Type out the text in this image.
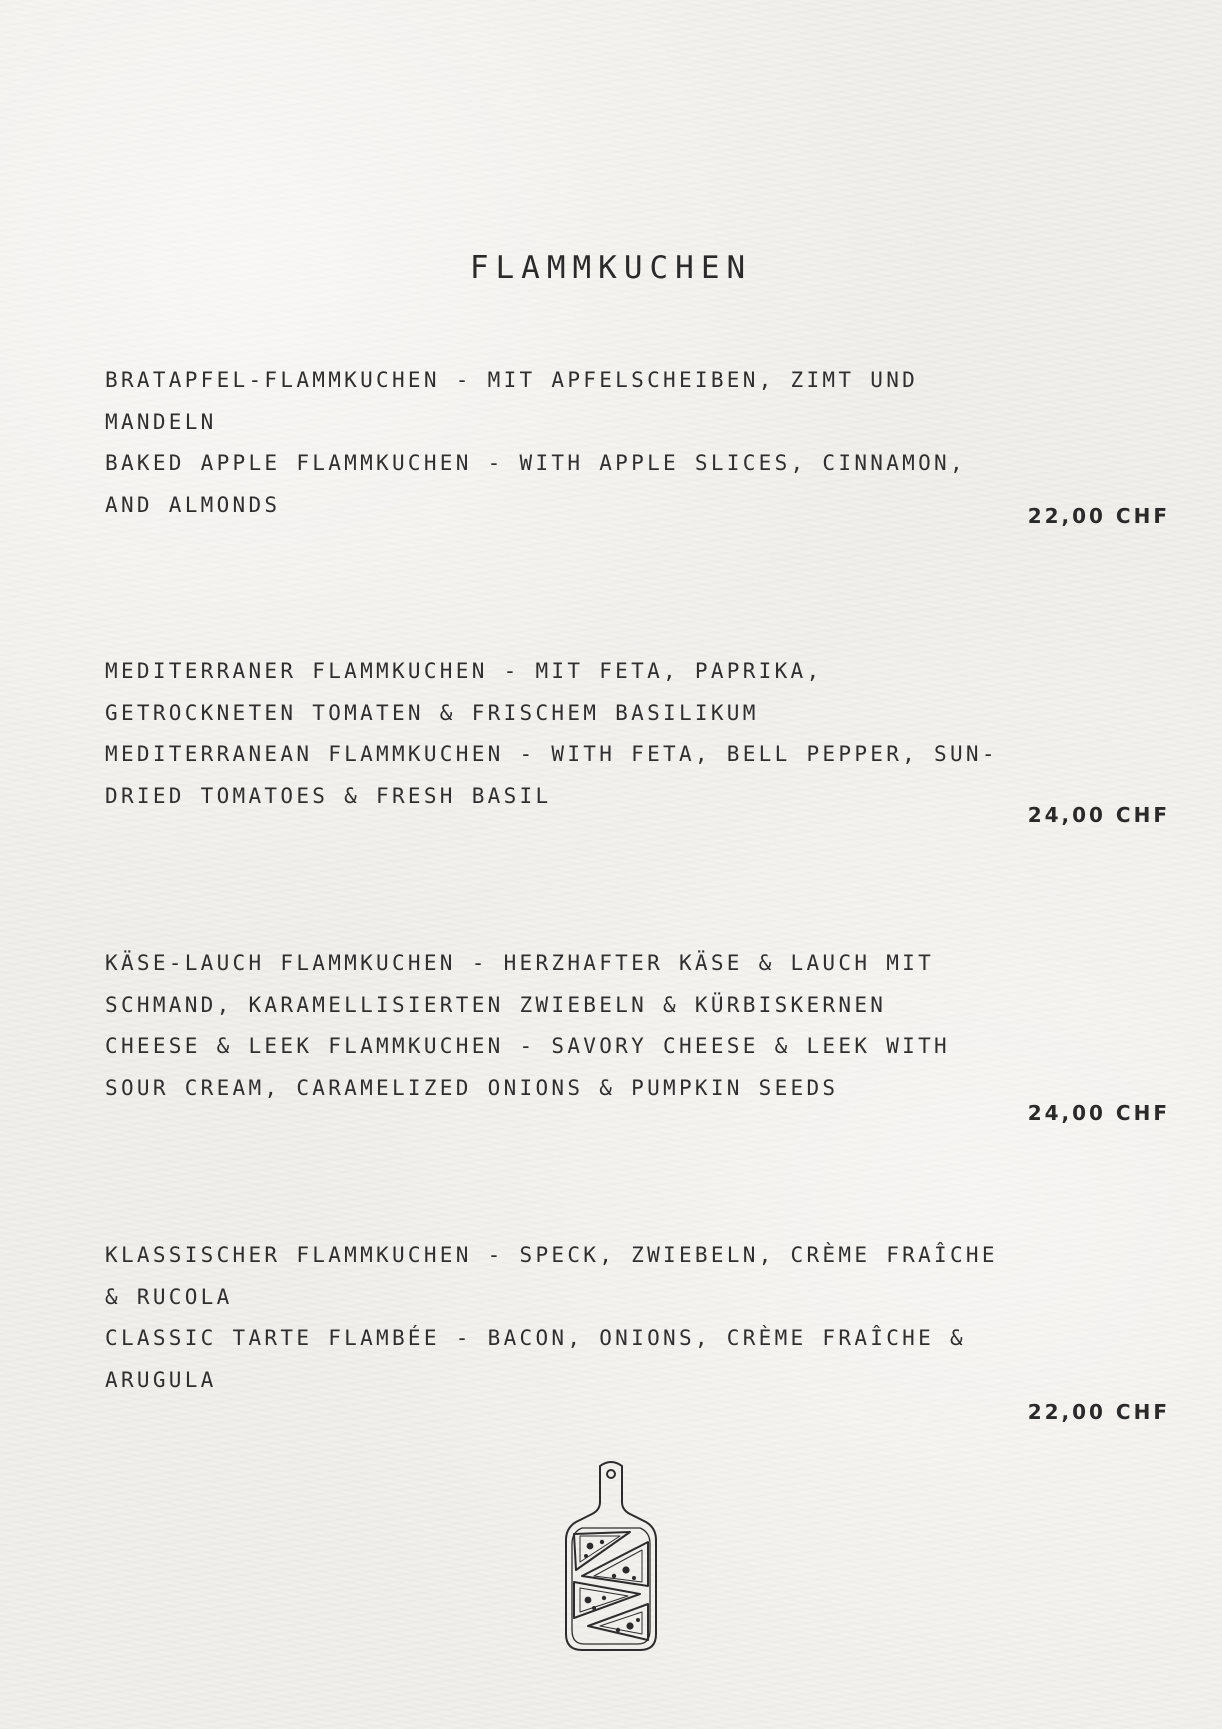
FLAMMKUCHEN
BRATAPFEL-FLAMMKUCHEN - MIT APFELSCHEIBEN, ZIMT UND
MANDELN
BAKED APPLE FLAMMKUCHEN - WITH APPLE SLICES, CINNAMON,
AND ALMONDS	22,00 CHF
MEDITERRANER FLAMMKUCHEN - MIT FETA, PAPRIKA,
GETROCKNETEN TOMATEN & FRISCHEM BASILIKUM
MEDITERRANEAN FLAMMKUCHEN - WITH FETA, BELL PEPPER, SUN-
DRIED TOMATOES & FRESH BASIL
24,00 CHF
KÄSE-LAUCH FLAMMKUCHEN - HERZHAFTER KÄSE & LAUCH MIT
SCHMAND, KARAMELLISIERTEN ZWIEBELN & KÜRBISKERNEN
CHEESE & LEEK FLAMMKUCHEN - SAVORY CHEESE & LEEK WITH
SOUR CREAM, CARAMELIZED ONIONS & PUMPKIN SEEDS
24,00 CHF
KLASSISCHER FLAMMKUCHEN - SPECK, ZWIEBELN, CRÈME FRAÎCHE
& RUCOLA
CLASSIC TARTE FLAMBÉE - BACON, ONIONS, CRÈME FRAÎCHE &
ARUGULA
22,00 CHF
